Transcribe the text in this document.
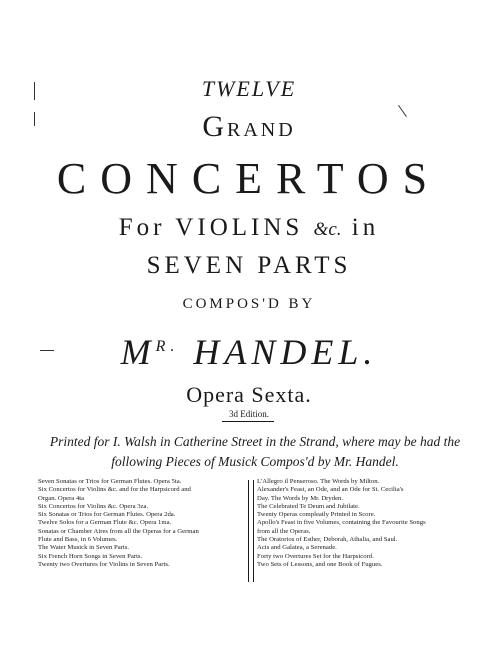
TWELVE
GRAND
CONCERTOS
For VIOLINS &c. in
SEVEN PARTS
COMPOS'D BY
$M^{R.}$ HANDEL.
Opera Sexta.
3d Edition.
Printed for I. Walsh in Catherine Street in the Strand, where may be had the following Pieces of Musick Compos'd by Mr. Handel.
Seven Sonatas or Trios for German Flutes. Opera 5ta.
Six Concertos for Violins &c. and for the Harpsicord and
Organ. Opera 4ta
Six Concertos for Violins &c. Opera 3za.
Six Sonatas or Trios for German Flutes. Opera 2da.
Twelve Solos for a German Flute &c. Opera 1ma.
Sonatas or Chamber Aires from all the Operas for a German
Flute and Bass, in 6 Volumes.
The Water Musick in Seven Parts.
Six French Horn Songs in Seven Parts.
Twenty two Overtures for Violins in Seven Parts.
L'Allegro il Penseroso. The Words by Milton.
Alexander's Feast, an Ode, and an Ode for St. Cecilia's
Day. The Words by Mr. Dryden.
The Celebrated Te Deum and Jubilate.
Twenty Operas compleatly Printed in Score.
Apollo's Feast in five Volumes, containing the Favourite Songs
from all the Operas.
The Oratorios of Esther, Deborah, Athalia, and Saul.
Acis and Galatea, a Serenade.
Forty two Overtures Set for the Harpsicord.
Two Sets of Lessons, and one Book of Fugues.
